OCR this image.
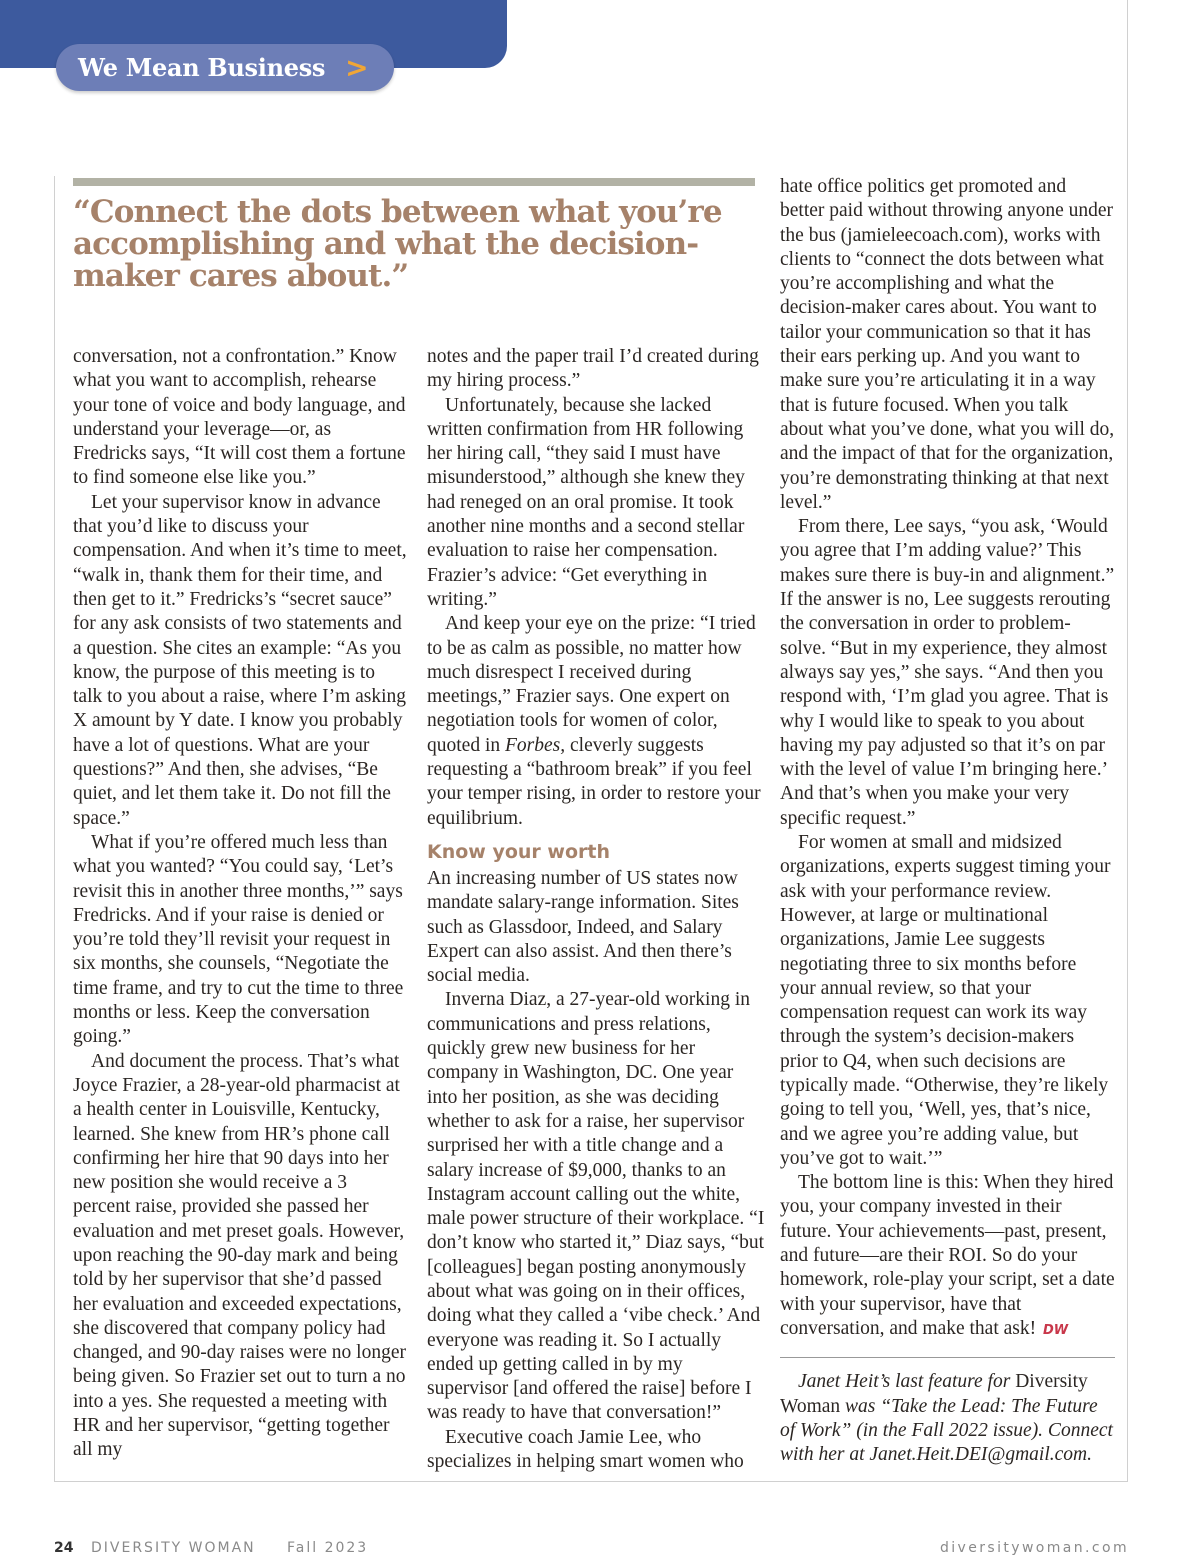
We Mean Business >
“Connect the dots between what you’re accomplishing and what the decision-maker cares about.”

conversation, not a confrontation.” Know what you want to accomplish, rehearse your tone of voice and body language, and understand your leverage—or, as Fredricks says, “It will cost them a fortune to find someone else like you.”

Let your supervisor know in advance that you’d like to discuss your compensation. And when it’s time to meet, “walk in, thank them for their time, and then get to it.” Fredricks’s “secret sauce” for any ask consists of two statements and a question. She cites an example: “As you know, the purpose of this meeting is to talk to you about a raise, where I’m asking X amount by Y date. I know you probably have a lot of questions. What are your questions?” And then, she advises, “Be quiet, and let them take it. Do not fill the space.”

What if you’re offered much less than what you wanted? “You could say, ‘Let’s revisit this in another three months,’” says Fredricks. And if your raise is denied or you’re told they’ll revisit your request in six months, she counsels, “Negotiate the time frame, and try to cut the time to three months or less. Keep the conversation going.”

And document the process. That’s what Joyce Frazier, a 28-year-old pharmacist at a health center in Louisville, Kentucky, learned. She knew from HR’s phone call confirming her hire that 90 days into her new position she would receive a 3 percent raise, provided she passed her evaluation and met preset goals. However, upon reaching the 90-day mark and being told by her supervisor that she’d passed her evaluation and exceeded expectations, she discovered that company policy had changed, and 90-day raises were no longer being given. So Frazier set out to turn a no into a yes. She requested a meeting with HR and her supervisor, “getting together all my

notes and the paper trail I’d created during my hiring process.”

Unfortunately, because she lacked written confirmation from HR following her hiring call, “they said I must have misunderstood,” although she knew they had reneged on an oral promise. It took another nine months and a second stellar evaluation to raise her compensation. Frazier’s advice: “Get everything in writing.”

And keep your eye on the prize: “I tried to be as calm as possible, no matter how much disrespect I received during meetings,” Frazier says. One expert on negotiation tools for women of color, quoted in Forbes, cleverly suggests requesting a “bathroom break” if you feel your temper rising, in order to restore your equilibrium.

Know your worth

An increasing number of US states now mandate salary-range information. Sites such as Glassdoor, Indeed, and Salary Expert can also assist. And then there’s social media.

Inverna Diaz, a 27-year-old working in communications and press relations, quickly grew new business for her company in Washington, DC. One year into her position, as she was deciding whether to ask for a raise, her supervisor surprised her with a title change and a salary increase of $9,000, thanks to an Instagram account calling out the white, male power structure of their workplace. “I don’t know who started it,” Diaz says, “but [colleagues] began posting anonymously about what was going on in their offices, doing what they called a ‘vibe check.’ And everyone was reading it. So I actually ended up getting called in by my supervisor [and offered the raise] before I was ready to have that conversation!”

Executive coach Jamie Lee, who specializes in helping smart women who

hate office politics get promoted and better paid without throwing anyone under the bus (jamieleecoach.com), works with clients to “connect the dots between what you’re accomplishing and what the decision-maker cares about. You want to tailor your communication so that it has their ears perking up. And you want to make sure you’re articulating it in a way that is future focused. When you talk about what you’ve done, what you will do, and the impact of that for the organization, you’re demonstrating thinking at that next level.”

From there, Lee says, “you ask, ‘Would you agree that I’m adding value?’ This makes sure there is buy-in and alignment.” If the answer is no, Lee suggests rerouting the conversation in order to problem-solve. “But in my experience, they almost always say yes,” she says. “And then you respond with, ‘I’m glad you agree. That is why I would like to speak to you about having my pay adjusted so that it’s on par with the level of value I’m bringing here.’ And that’s when you make your very specific request.”

For women at small and midsized organizations, experts suggest timing your ask with your performance review. However, at large or multinational organizations, Jamie Lee suggests negotiating three to six months before your annual review, so that your compensation request can work its way through the system’s decision-makers prior to Q4, when such decisions are typically made. “Otherwise, they’re likely going to tell you, ‘Well, yes, that’s nice, and we agree you’re adding value, but you’ve got to wait.’”

The bottom line is this: When they hired you, your company invested in their future. Your achievements—past, present, and future—are their ROI. So do your homework, role-play your script, set a date with your supervisor, have that conversation, and make that ask! DW

Janet Heit’s last feature for Diversity Woman was “Take the Lead: The Future of Work” (in the Fall 2022 issue). Connect with her at Janet.Heit.DEI@gmail.com.

24 DIVERSITY WOMAN Fall 2023	diversitywoman.com
